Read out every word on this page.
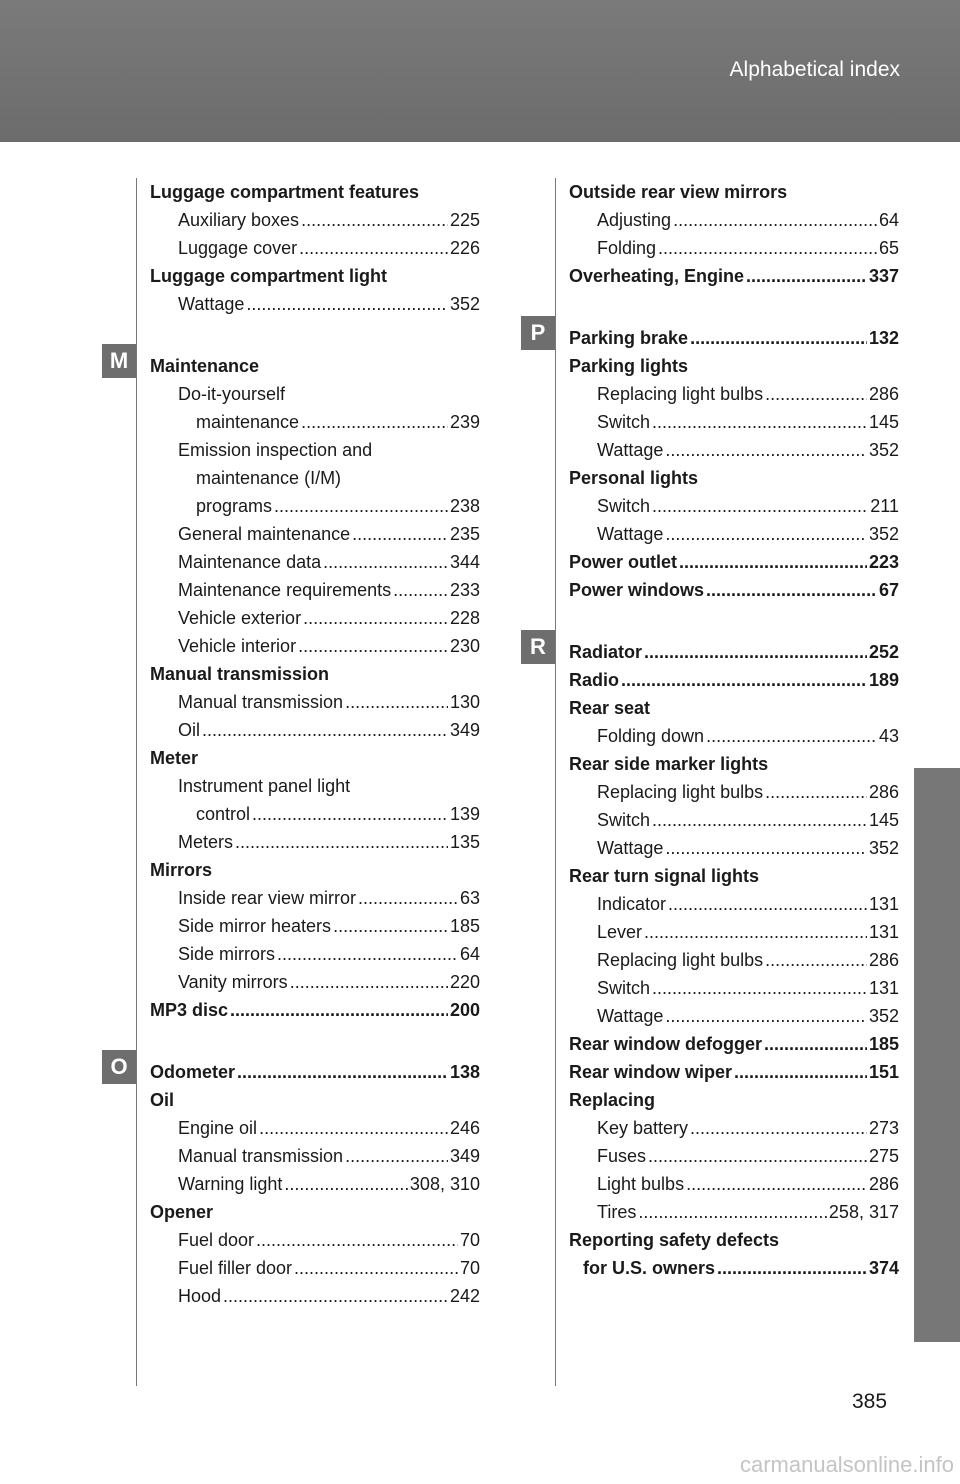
Alphabetical index
M
O
P
R
Luggage compartment features
Auxiliary boxes .....	225
Luggage cover .....	226
Luggage compartment light
Wattage .....	352
Maintenance
Do-it-yourself
maintenance .....	239
Emission inspection and
maintenance (I/M)
programs .....	238
General maintenance .....	235
Maintenance data .....	344
Maintenance requirements .....	233
Vehicle exterior .....	228
Vehicle interior .....	230
Manual transmission
Manual transmission .....	130
Oil .....	349
Meter
Instrument panel light
control .....	139
Meters .....	135
Mirrors
Inside rear view mirror .....	63
Side mirror heaters .....	185
Side mirrors .....	64
Vanity mirrors .....	220
MP3 disc .....	200
Odometer .....	138
Oil
Engine oil .....	246
Manual transmission .....	349
Warning light .....	308, 310
Opener
Fuel door .....	70
Fuel filler door .....	70
Hood .....	242
Outside rear view mirrors
Adjusting .....	64
Folding .....	65
Overheating, Engine .....	337
Parking brake .....	132
Parking lights
Replacing light bulbs .....	286
Switch .....	145
Wattage .....	352
Personal lights
Switch .....	211
Wattage .....	352
Power outlet .....	223
Power windows .....	67
Radiator .....	252
Radio .....	189
Rear seat
Folding down .....	43
Rear side marker lights
Replacing light bulbs .....	286
Switch .....	145
Wattage .....	352
Rear turn signal lights
Indicator .....	131
Lever .....	131
Replacing light bulbs .....	286
Switch .....	131
Wattage .....	352
Rear window defogger .....	185
Rear window wiper .....	151
Replacing
Key battery .....	273
Fuses .....	275
Light bulbs .....	286
Tires .....	258, 317
Reporting safety defects
for U.S. owners .....	374
385
carmanualsonline.info
